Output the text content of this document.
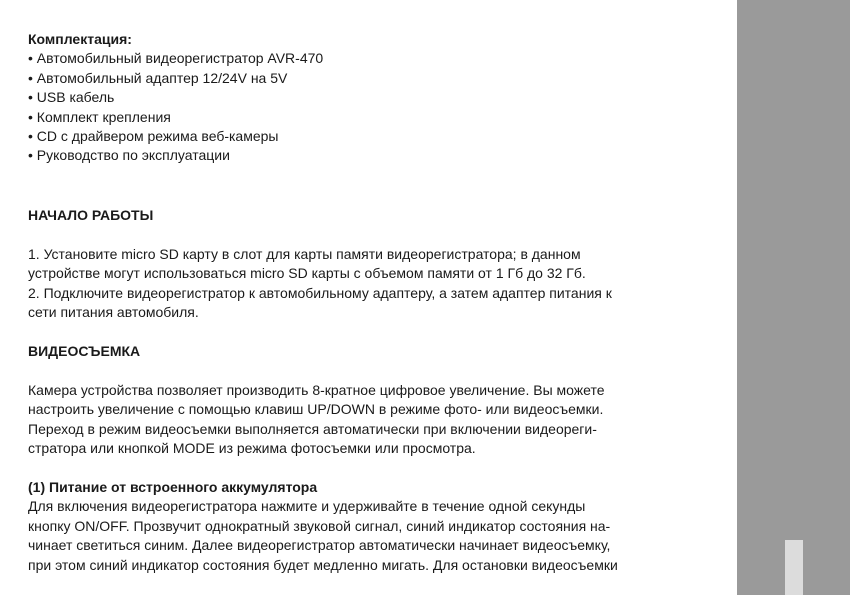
Комплектация:
• Автомобильный видеорегистратор AVR-470
• Автомобильный адаптер 12/24V на 5V
• USB кабель
• Комплект крепления
• CD с драйвером режима веб-камеры
• Руководство по эксплуатации
НАЧАЛО РАБОТЫ
1. Установите micro SD карту в слот для карты памяти видеорегистратора; в данном
устройстве могут использоваться micro SD карты с объемом памяти от 1 Гб до 32 Гб.
2. Подключите видеорегистратор к автомобильному адаптеру, а затем адаптер питания к
сети питания автомобиля.
ВИДЕОСЪЕМКА
Камера устройства позволяет производить 8-кратное цифровое увеличение. Вы можете
настроить увеличение с помощью клавиш UP/DOWN в режиме фото- или видеосъемки.
Переход в режим видеосъемки выполняется автоматически при включении видеореги-
стратора или кнопкой MODE из режима фотосъемки или просмотра.
(1) Питание от встроенного аккумулятора
Для включения видеорегистратора нажмите и удерживайте в течение одной секунды
кнопку ON/OFF. Прозвучит однократный звуковой сигнал, синий индикатор состояния на-
чинает светиться синим. Далее видеорегистратор автоматически начинает видеосъемку,
при этом синий индикатор состояния будет медленно мигать. Для остановки видеосъемки
